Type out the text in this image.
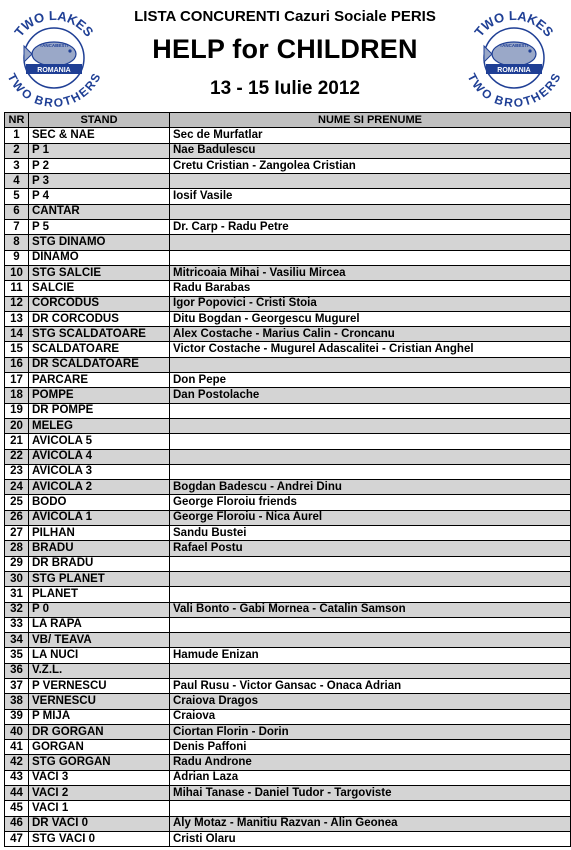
TANCABESTI
ROMANIA
TWO LAKES
TWO BROTHERS
LISTA CONCURENTI Cazuri Sociale PERIS
HELP for CHILDREN
13 - 15 Iulie 2012
TANCABESTI
ROMANIA
TWO LAKES
TWO BROTHERS
NR	STAND	NUME SI PRENUME
1	SEC & NAE	Sec de Murfatlar
2	P 1	Nae Badulescu
3	P 2	Cretu Cristian - Zangolea Cristian
4	P 3	
5	P 4	Iosif Vasile
6	CANTAR	
7	P 5	Dr. Carp - Radu Petre
8	STG DINAMO	
9	DINAMO	
10	STG SALCIE	Mitricoaia Mihai - Vasiliu Mircea
11	SALCIE	Radu Barabas
12	CORCODUS	Igor Popovici - Cristi Stoia
13	DR CORCODUS	Ditu Bogdan - Georgescu Mugurel
14	STG SCALDATOARE	Alex Costache - Marius Calin - Croncanu
15	SCALDATOARE	Victor Costache - Mugurel Adascalitei - Cristian Anghel
16	DR SCALDATOARE	
17	PARCARE	Don Pepe
18	POMPE	Dan Postolache
19	DR POMPE	
20	MELEG	
21	AVICOLA 5	
22	AVICOLA 4	
23	AVICOLA 3	
24	AVICOLA 2	Bogdan Badescu - Andrei Dinu
25	BODO	George Floroiu friends
26	AVICOLA 1	George Floroiu - Nica Aurel
27	PILHAN	Sandu Bustei
28	BRADU	Rafael Postu
29	DR BRADU	
30	STG PLANET	
31	PLANET	
32	P 0	Vali Bonto - Gabi Mornea - Catalin Samson
33	LA RAPA	
34	VB/ TEAVA	
35	LA NUCI	Hamude Enizan
36	V.Z.L.	
37	P VERNESCU	Paul Rusu - Victor Gansac - Onaca Adrian
38	VERNESCU	Craiova Dragos
39	P MIJA	Craiova
40	DR GORGAN	Ciortan Florin - Dorin
41	GORGAN	Denis Paffoni
42	STG GORGAN	Radu Androne
43	VACI 3	Adrian Laza
44	VACI 2	Mihai Tanase - Daniel Tudor - Targoviste
45	VACI 1	
46	DR VACI 0	Aly Motaz - Manitiu Razvan - Alin Geonea
47	STG VACI 0	Cristi Olaru
